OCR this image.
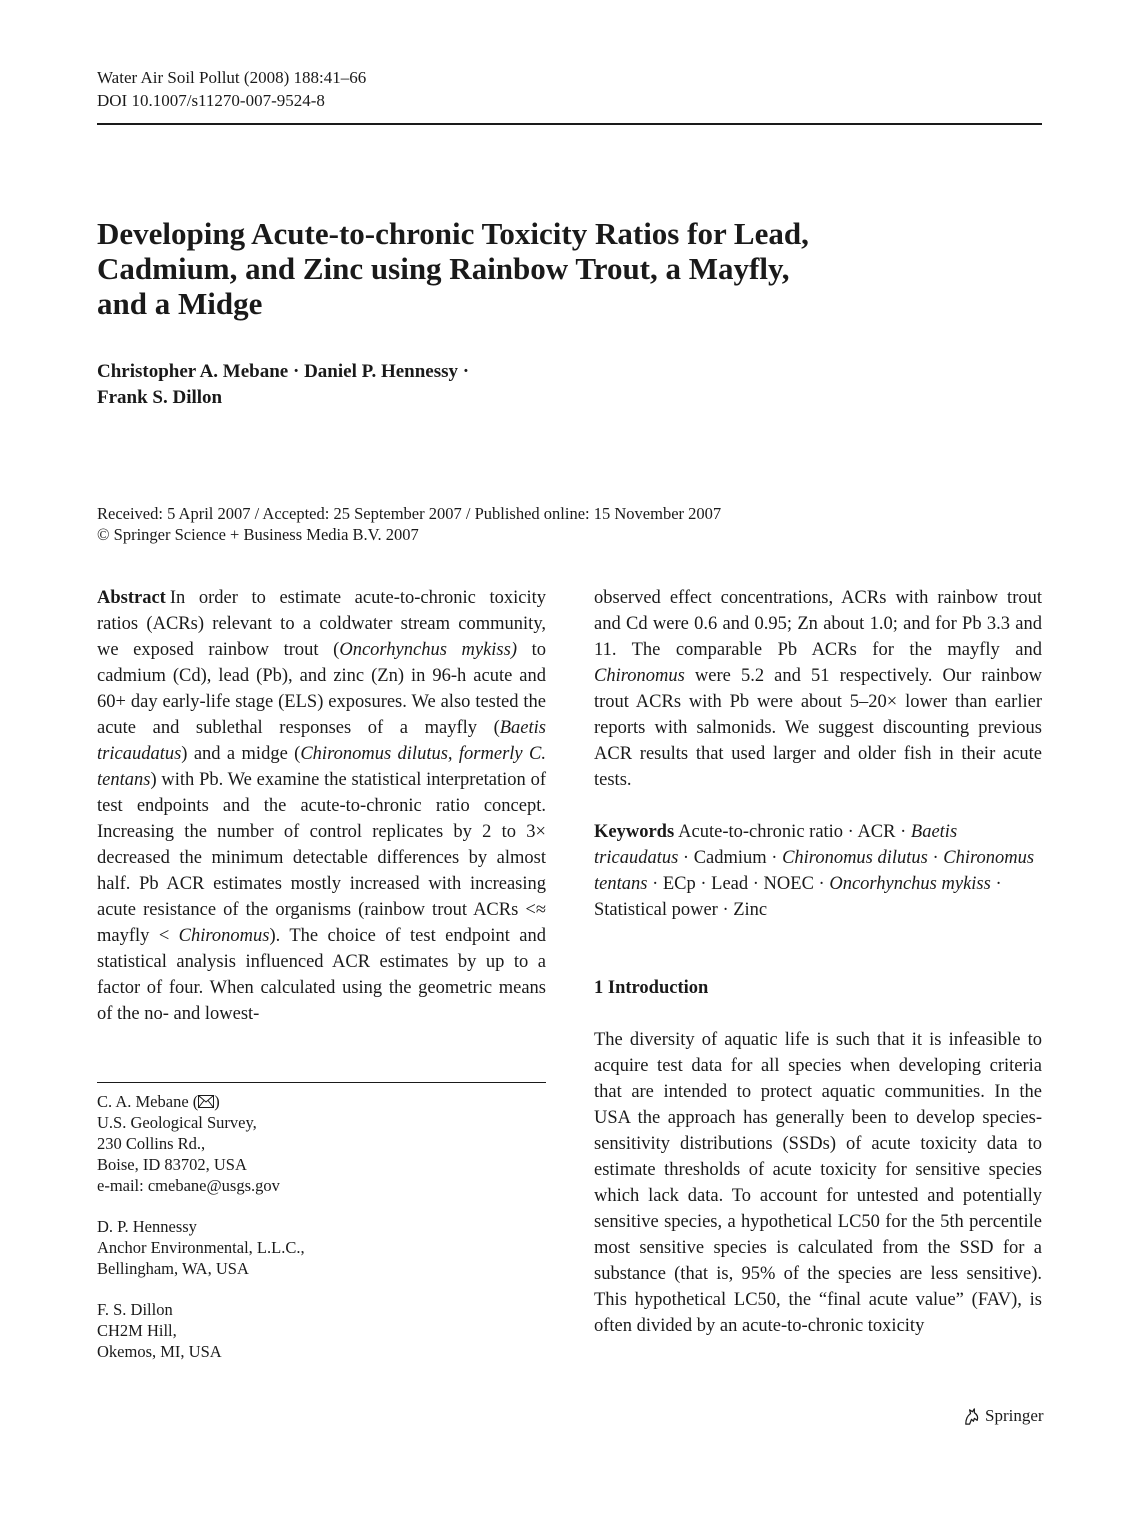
Water Air Soil Pollut (2008) 188:41–66
DOI 10.1007/s11270-007-9524-8
Developing Acute-to-chronic Toxicity Ratios for Lead,
Cadmium, and Zinc using Rainbow Trout, a Mayfly,
and a Midge
Christopher A. Mebane · Daniel P. Hennessy ·
Frank S. Dillon
Received: 5 April 2007 / Accepted: 25 September 2007 / Published online: 15 November 2007
© Springer Science + Business Media B.V. 2007

Abstract In order to estimate acute-to-chronic toxicity ratios (ACRs) relevant to a coldwater stream community, we exposed rainbow trout (Oncorhynchus mykiss) to cadmium (Cd), lead (Pb), and zinc (Zn) in 96-h acute and 60+ day early-life stage (ELS) exposures. We also tested the acute and sublethal responses of a mayfly (Baetis tricaudatus) and a midge (Chironomus dilutus, formerly C. tentans) with Pb. We examine the statistical interpretation of test endpoints and the acute-to-chronic ratio concept. Increasing the number of control replicates by 2 to 3× decreased the minimum detectable differences by almost half. Pb ACR estimates mostly increased with increasing acute resistance of the organisms (rainbow trout ACRs <≈ mayfly < Chironomus). The choice of test endpoint and statistical analysis influenced ACR estimates by up to a factor of four. When calculated using the geometric means of the no- and lowest-

observed effect concentrations, ACRs with rainbow trout and Cd were 0.6 and 0.95; Zn about 1.0; and for Pb 3.3 and 11. The comparable Pb ACRs for the mayfly and Chironomus were 5.2 and 51 respectively. Our rainbow trout ACRs with Pb were about 5–20× lower than earlier reports with salmonids. We suggest discounting previous ACR results that used larger and older fish in their acute tests.

Keywords Acute-to-chronic ratio · ACR · Baetis tricaudatus · Cadmium · Chironomus dilutus · Chironomus tentans · ECp · Lead · NOEC · Oncorhynchus mykiss · Statistical power · Zinc
1 Introduction

The diversity of aquatic life is such that it is infeasible to acquire test data for all species when developing criteria that are intended to protect aquatic communities. In the USA the approach has generally been to develop species-sensitivity distributions (SSDs) of acute toxicity data to estimate thresholds of acute toxicity for sensitive species which lack data. To account for untested and potentially sensitive species, a hypothetical LC50 for the 5th percentile most sensitive species is calculated from the SSD for a substance (that is, 95% of the species are less sensitive). This hypothetical LC50, the “final acute value” (FAV), is often divided by an acute-to-chronic toxicity

C. A. Mebane ( )
U.S. Geological Survey,
230 Collins Rd.,
Boise, ID 83702, USA
e-mail: cmebane@usgs.gov
D. P. Hennessy
Anchor Environmental, L.L.C.,
Bellingham, WA, USA
F. S. Dillon
CH2M Hill,
Okemos, MI, USA
Springer
